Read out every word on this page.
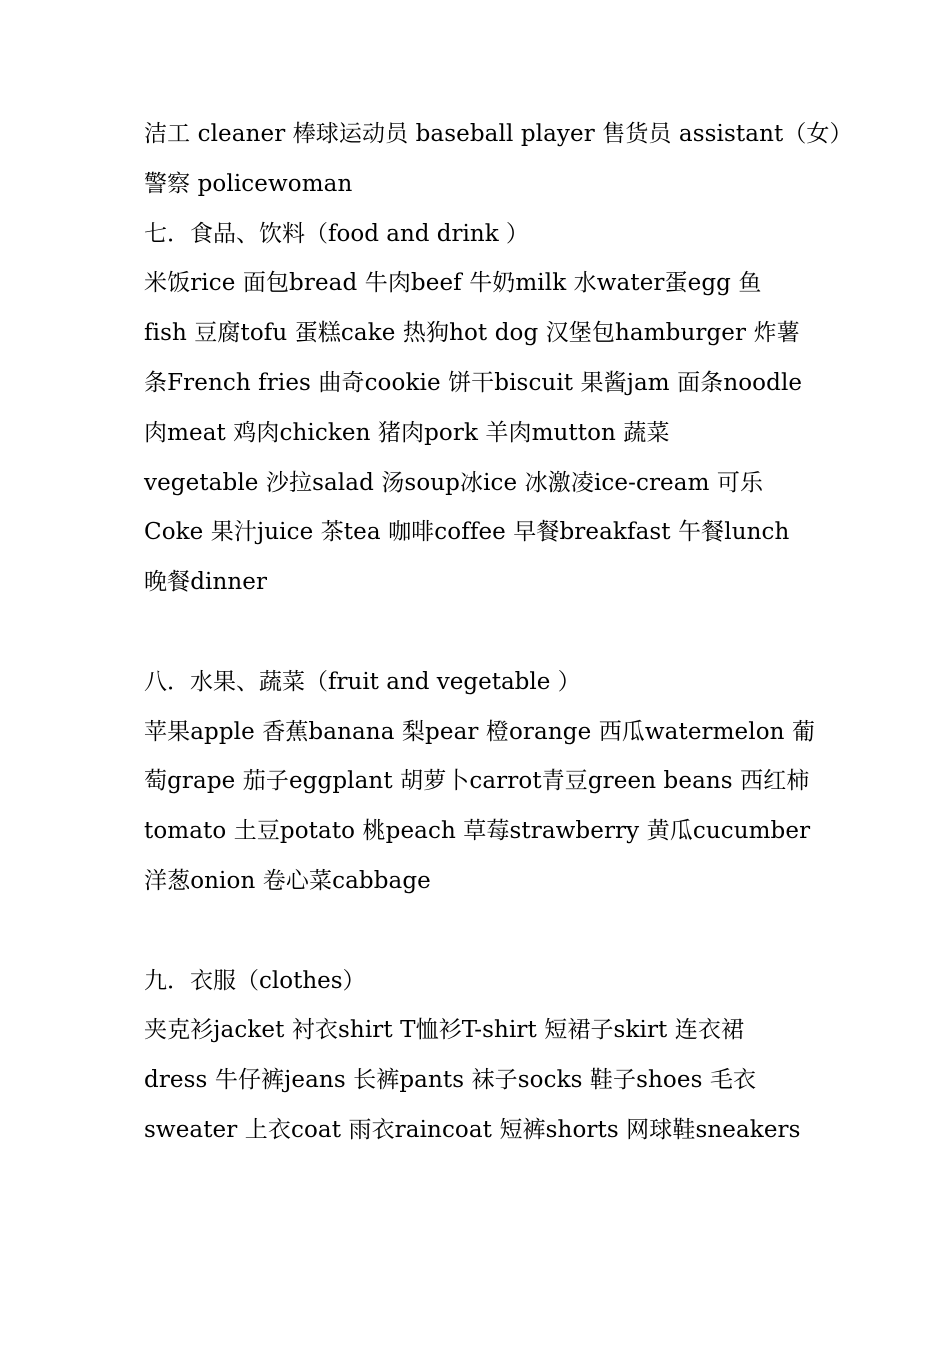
洁工 cleaner 棒球运动员 baseball player 售货员 assistant（女）
警察 policewoman
七．食品、饮料（food and drink ）
米饭rice 面包bread 牛肉beef 牛奶milk 水water蛋egg 鱼
fish 豆腐tofu 蛋糕cake 热狗hot dog 汉堡包hamburger 炸薯
条French fries 曲奇cookie 饼干biscuit 果酱jam 面条noodle
肉meat 鸡肉chicken 猪肉pork 羊肉mutton 蔬菜
vegetable 沙拉salad 汤soup冰ice 冰激凌ice-cream 可乐
Coke 果汁juice 茶tea 咖啡coffee 早餐breakfast 午餐lunch
晚餐dinner
八．水果、蔬菜（fruit and vegetable ）
苹果apple 香蕉banana 梨pear 橙orange 西瓜watermelon 葡
萄grape 茄子eggplant 胡萝卜carrot青豆green beans 西红柿
tomato 土豆potato 桃peach 草莓strawberry 黄瓜cucumber
洋葱onion 卷心菜cabbage
九．衣服（clothes）
夹克衫jacket 衬衣shirt T恤衫T-shirt 短裙子skirt 连衣裙
dress 牛仔裤jeans 长裤pants 袜子socks 鞋子shoes 毛衣
sweater 上衣coat 雨衣raincoat 短裤shorts 网球鞋sneakers
